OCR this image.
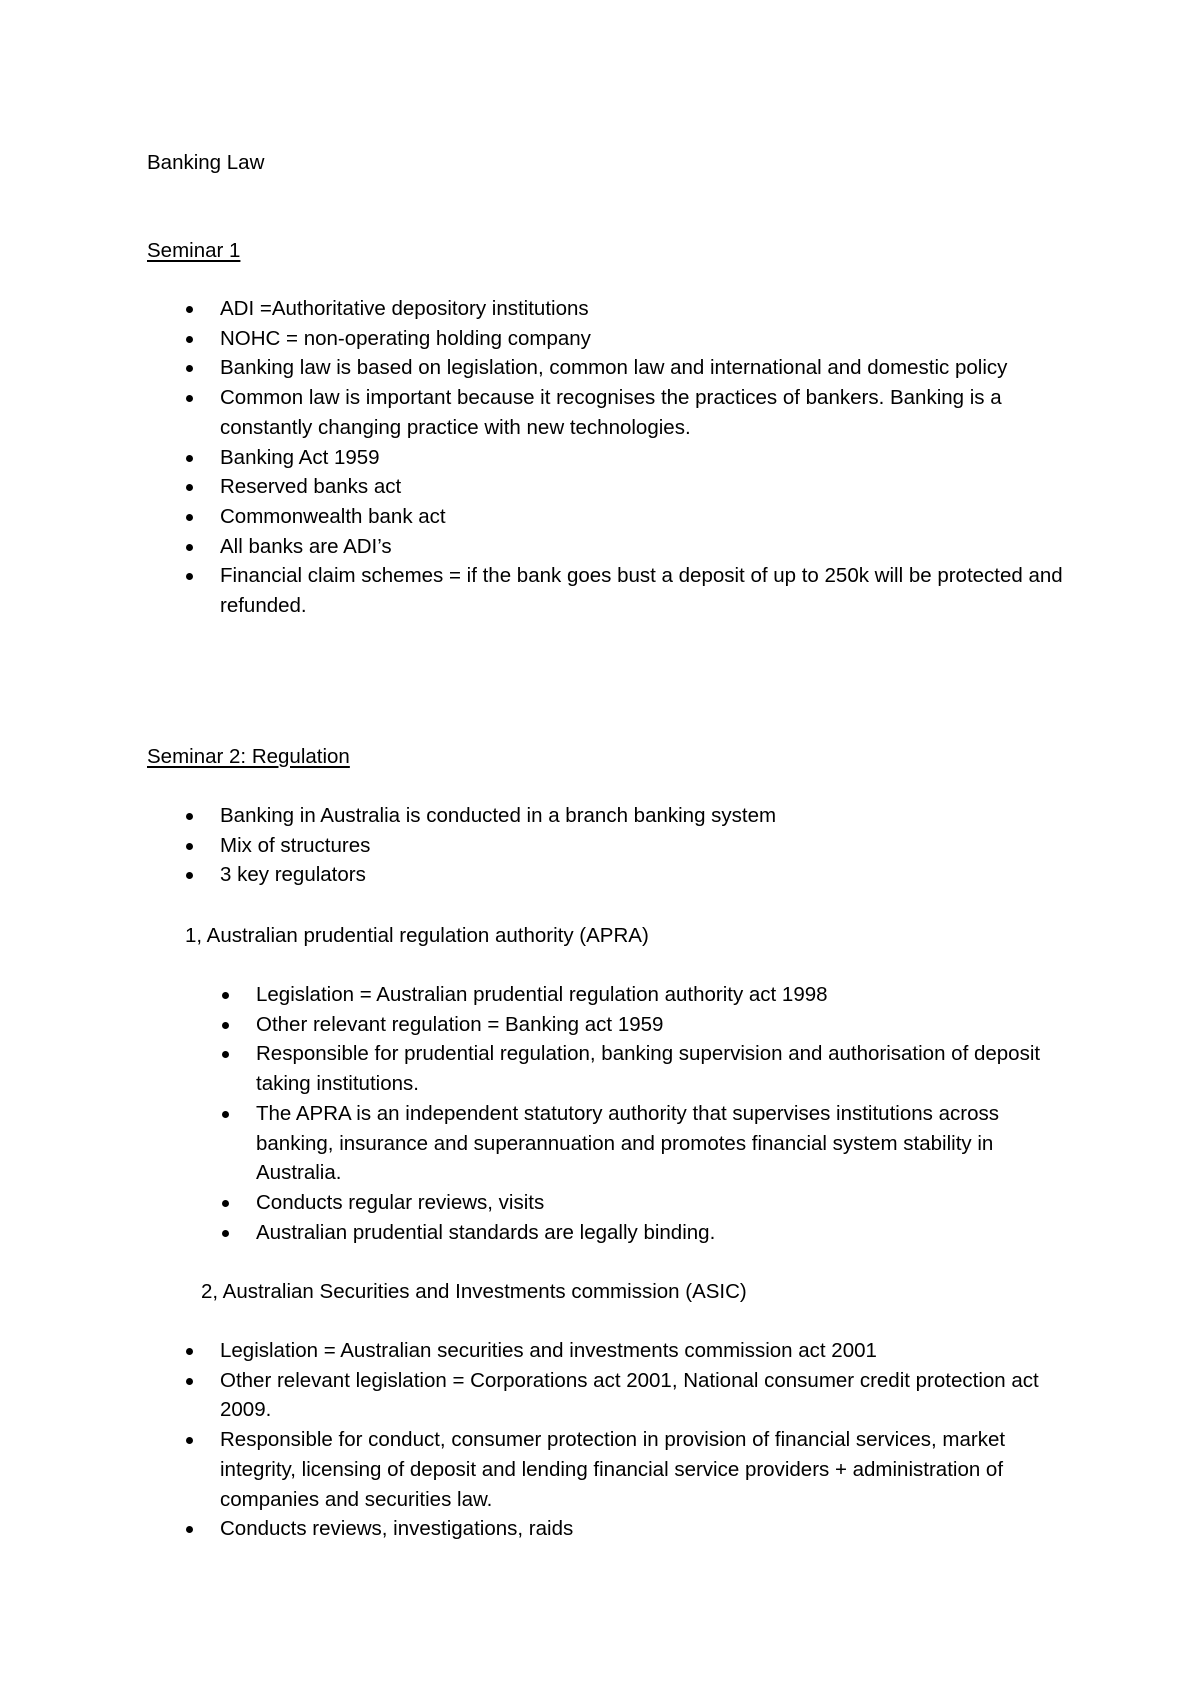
Banking Law

Seminar 1

ADI =Authoritative depository institutions
NOHC = non-operating holding company
Banking law is based on legislation, common law and international and domestic policy
Common law is important because it recognises the practices of bankers. Banking is a constantly changing practice with new technologies.
Banking Act 1959
Reserved banks act
Commonwealth bank act
All banks are ADI’s
Financial claim schemes = if the bank goes bust a deposit of up to 250k will be protected and refunded.

Seminar 2: Regulation

Banking in Australia is conducted in a branch banking system
Mix of structures
3 key regulators

1, Australian prudential regulation authority (APRA)

Legislation = Australian prudential regulation authority act 1998
Other relevant regulation = Banking act 1959
Responsible for prudential regulation, banking supervision and authorisation of deposit taking institutions.
The APRA is an independent statutory authority that supervises institutions across banking, insurance and superannuation and promotes financial system stability in Australia.
Conducts regular reviews, visits
Australian prudential standards are legally binding.

2, Australian Securities and Investments commission (ASIC)

Legislation = Australian securities and investments commission act 2001
Other relevant legislation = Corporations act 2001, National consumer credit protection act 2009.
Responsible for conduct, consumer protection in provision of financial services, market integrity, licensing of deposit and lending financial service providers + administration of companies and securities law.
Conducts reviews, investigations, raids
